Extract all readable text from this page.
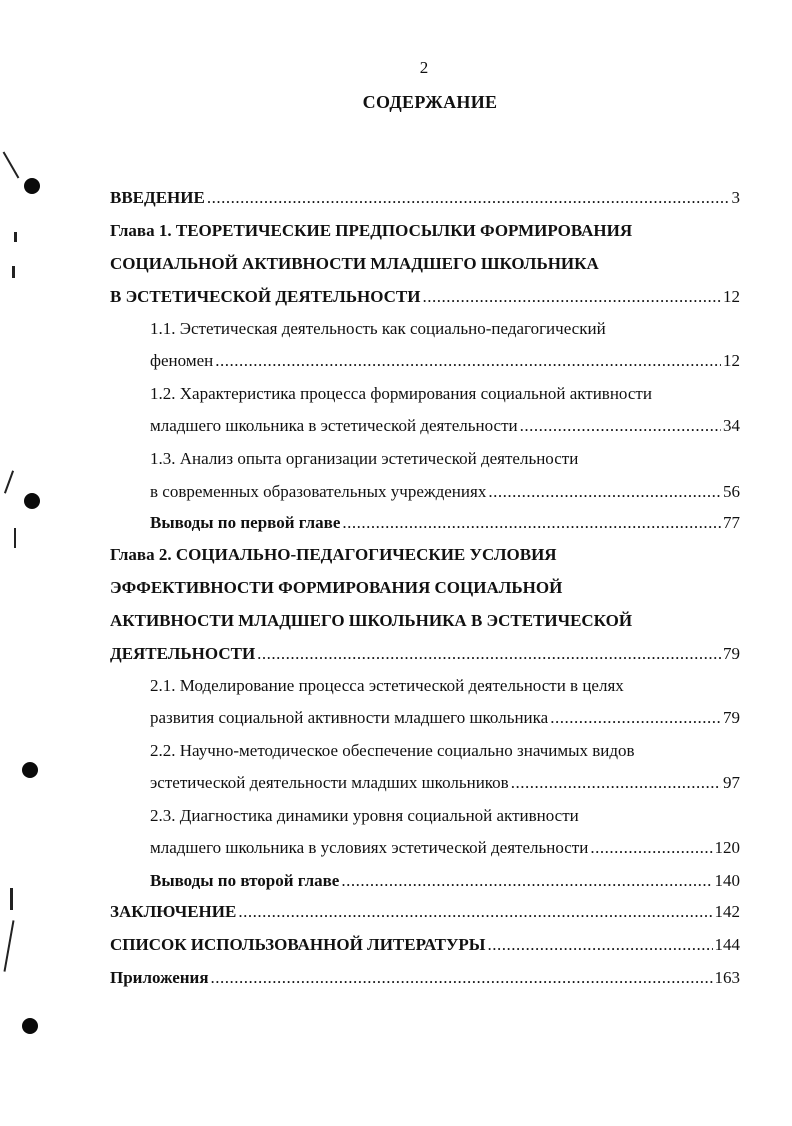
2
СОДЕРЖАНИЕ
ВВЕДЕНИЕ .....	3
Глава 1. ТЕОРЕТИЧЕСКИЕ ПРЕДПОСЫЛКИ ФОРМИРОВАНИЯ
СОЦИАЛЬНОЙ АКТИВНОСТИ МЛАДШЕГО ШКОЛЬНИКА
В ЭСТЕТИЧЕСКОЙ ДЕЯТЕЛЬНОСТИ .....	12
1.1. Эстетическая деятельность как социально-педагогический
феномен .....	12
1.2. Характеристика процесса формирования социальной активности
младшего школьника в эстетической деятельности .....	34
1.3. Анализ опыта организации эстетической деятельности
в современных образовательных учреждениях .....	56
Выводы по первой главе .....	77
Глава 2. СОЦИАЛЬНО-ПЕДАГОГИЧЕСКИЕ УСЛОВИЯ
ЭФФЕКТИВНОСТИ ФОРМИРОВАНИЯ СОЦИАЛЬНОЙ
АКТИВНОСТИ МЛАДШЕГО ШКОЛЬНИКА В ЭСТЕТИЧЕСКОЙ
ДЕЯТЕЛЬНОСТИ .....	79
2.1. Моделирование процесса эстетической деятельности в целях
развития социальной активности младшего школьника .....	79
2.2. Научно-методическое обеспечение социально значимых видов
эстетической деятельности младших школьников .....	97
2.3. Диагностика динамики уровня социальной активности
младшего школьника в условиях эстетической деятельности .....	120
Выводы по второй главе .....	140
ЗАКЛЮЧЕНИЕ .....	142
СПИСОК ИСПОЛЬЗОВАННОЙ ЛИТЕРАТУРЫ .....	144
Приложения .....	163
